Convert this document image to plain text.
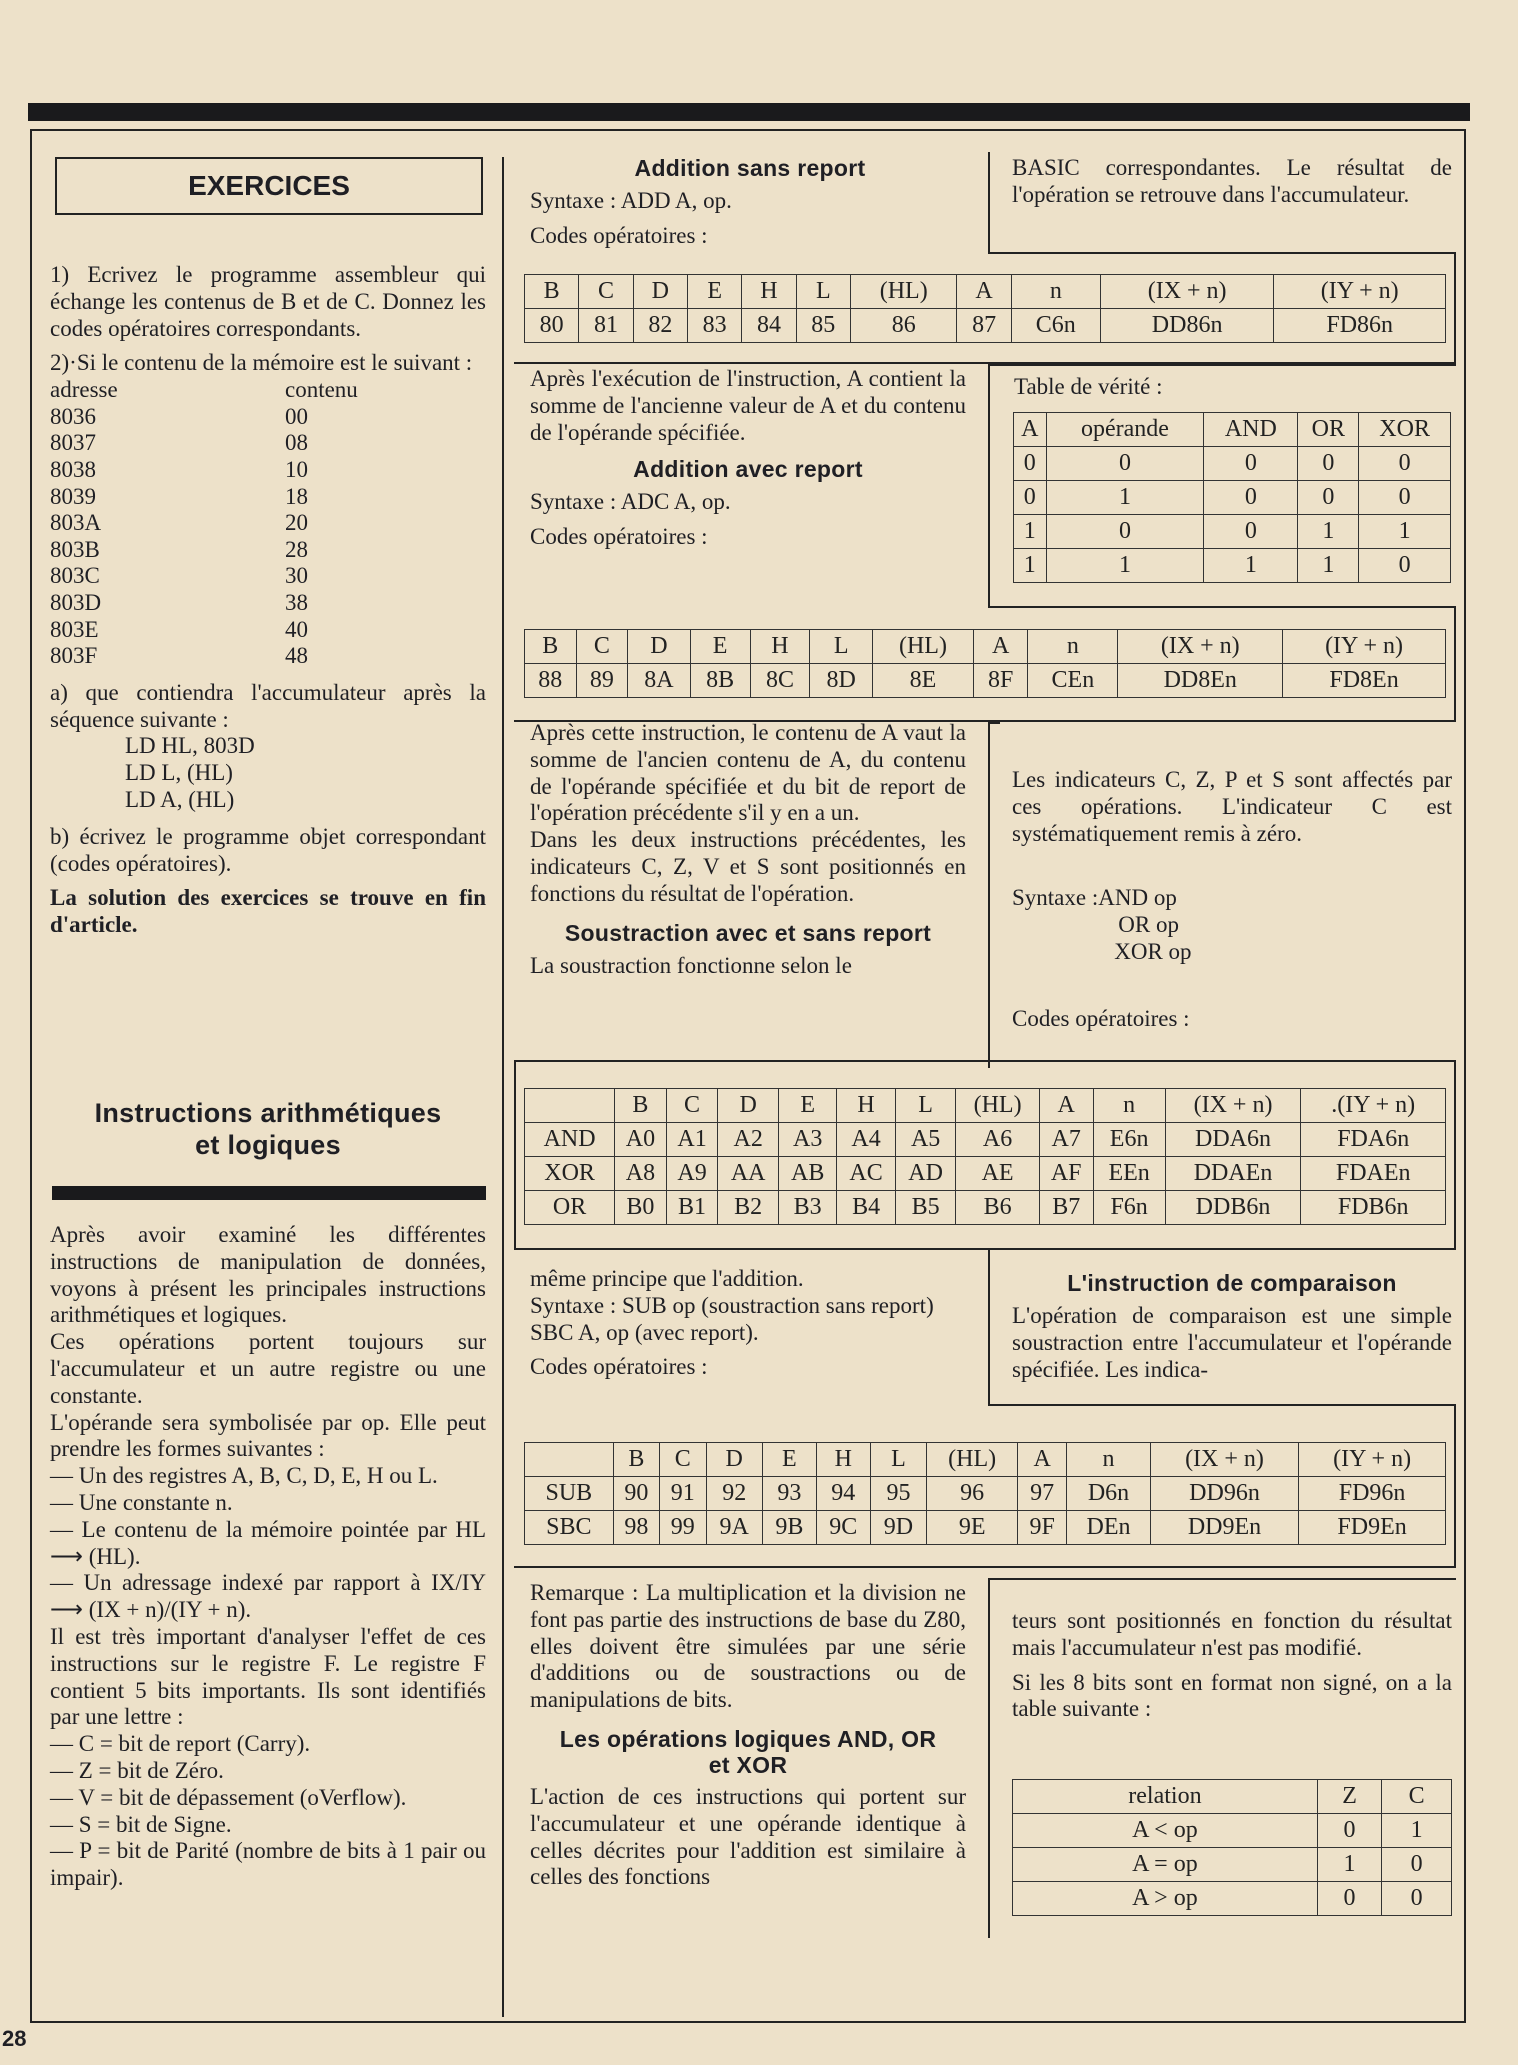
EXERCICES

1) Ecrivez le programme assembleur qui échange les contenus de B et de C. Donnez les codes opératoires correspondants.

2)·Si le contenu de la mémoire est le suivant :

adresse	contenu
8036	00
8037	08
8038	10
8039	18
803A	20
803B	28
803C	30
803D	38
803E	40
803F	48

a) que contiendra l'accumulateur après la séquence suivante :

LD HL, 803D
LD L, (HL)
LD A, (HL)

b) écrivez le programme objet correspondant (codes opératoires).

La solution des exercices se trouve en fin d'article.

Instructions arithmétiques

et logiques

Après avoir examiné les différentes instructions de manipulation de données, voyons à présent les principales instructions arithmétiques et logiques.

Ces opérations portent toujours sur l'accumulateur et un autre registre ou une constante.

L'opérande sera symbolisée par op. Elle peut prendre les formes suivantes :

— Un des registres A, B, C, D, E, H ou L.

— Une constante n.

— Le contenu de la mémoire pointée par HL ⟶ (HL).

— Un adressage indexé par rapport à IX/IY ⟶ (IX + n)/(IY + n).

Il est très important d'analyser l'effet de ces instructions sur le registre F. Le registre F contient 5 bits importants. Ils sont identifiés par une lettre :

— C = bit de report (Carry).

— Z = bit de Zéro.

— V = bit de dépassement (oVerflow).

— S = bit de Signe.

— P = bit de Parité (nombre de bits à 1 pair ou impair).

Addition sans report

Syntaxe : ADD A, op.

Codes opératoires :

BASIC correspondantes. Le résultat de l'opération se retrouve dans l'accumulateur.

B	C	D	E	H	L	(HL)	A	n	(IX + n)	(IY + n)
80	81	82	83	84	85	86	87	C6n	DD86n	FD86n

Après l'exécution de l'instruction, A contient la somme de l'ancienne valeur de A et du contenu de l'opérande spécifiée.

Addition avec report

Syntaxe : ADC A, op.

Codes opératoires :

Table de vérité :

A	opérande	AND	OR	XOR
0	0	0	0	0
0	1	0	0	0
1	0	0	1	1
1	1	1	1	0
B	C	D	E	H	L	(HL)	A	n	(IX + n)	(IY + n)
88	89	8A	8B	8C	8D	8E	8F	CEn	DD8En	FD8En

Après cette instruction, le contenu de A vaut la somme de l'ancien contenu de A, du contenu de l'opérande spécifiée et du bit de report de l'opération précédente s'il y en a un.

Dans les deux instructions précédentes, les indicateurs C, Z, V et S sont positionnés en fonctions du résultat de l'opération.

Soustraction avec et sans report

La soustraction fonctionne selon le

Les indicateurs C, Z, P et S sont affectés par ces opérations. L'indicateur C est systématiquement remis à zéro.

Syntaxe : AND op
OR op
XOR op

Codes opératoires :

	B	C	D	E	H	L	(HL)	A	n	(IX + n)	.(IY + n)
AND	A0	A1	A2	A3	A4	A5	A6	A7	E6n	DDA6n	FDA6n
XOR	A8	A9	AA	AB	AC	AD	AE	AF	EEn	DDAEn	FDAEn
OR	B0	B1	B2	B3	B4	B5	B6	B7	F6n	DDB6n	FDB6n

même principe que l'addition.

Syntaxe : SUB op (soustraction sans report)

SBC A, op (avec report).

Codes opératoires :

L'instruction de comparaison

L'opération de comparaison est une simple soustraction entre l'accumulateur et l'opérande spécifiée. Les indica-

	B	C	D	E	H	L	(HL)	A	n	(IX + n)	(IY + n)
SUB	90	91	92	93	94	95	96	97	D6n	DD96n	FD96n
SBC	98	99	9A	9B	9C	9D	9E	9F	DEn	DD9En	FD9En

Remarque : La multiplication et la division ne font pas partie des instructions de base du Z80, elles doivent être simulées par une série d'additions ou de soustractions ou de manipulations de bits.

Les opérations logiques AND, OR

et XOR

L'action de ces instructions qui portent sur l'accumulateur et une opérande identique à celles décrites pour l'addition est similaire à celles des fonctions

teurs sont positionnés en fonction du résultat mais l'accumulateur n'est pas modifié.

Si les 8 bits sont en format non signé, on a la table suivante :

relation	Z	C
A < op	0	1
A = op	1	0
A > op	0	0
28
